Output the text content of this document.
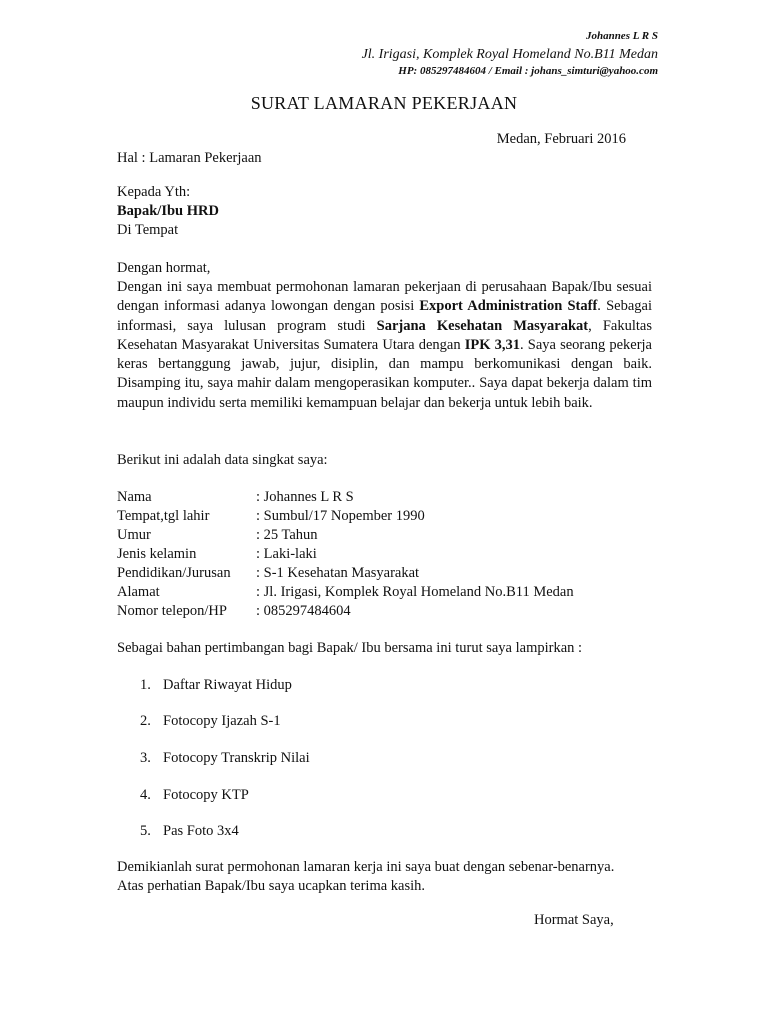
Johannes L R S
Jl. Irigasi, Komplek Royal Homeland No.B11 Medan
HP: 085297484604 / Email : johans_simturi@yahoo.com
SURAT LAMARAN PEKERJAAN
Medan, Februari 2016
Hal : Lamaran Pekerjaan
Kepada Yth:
Bapak/Ibu HRD
Di Tempat
Dengan hormat,
Dengan ini saya membuat permohonan lamaran pekerjaan di perusahaan Bapak/Ibu sesuai dengan informasi adanya lowongan dengan posisi Export Administration Staff. Sebagai informasi, saya lulusan program studi Sarjana Kesehatan Masyarakat, Fakultas Kesehatan Masyarakat Universitas Sumatera Utara dengan IPK 3,31. Saya seorang pekerja keras bertanggung jawab, jujur, disiplin, dan mampu berkomunikasi dengan baik. Disamping itu, saya mahir dalam mengoperasikan komputer.. Saya dapat bekerja dalam tim maupun individu serta memiliki kemampuan belajar dan bekerja untuk lebih baik.
Berikut ini adalah data singkat saya:
Nama	: Johannes L R S
Tempat,tgl lahir	: Sumbul/17 Nopember 1990
Umur	: 25 Tahun
Jenis kelamin	: Laki-laki
Pendidikan/Jurusan : S-1 Kesehatan Masyarakat
Alamat	: Jl. Irigasi, Komplek Royal Homeland No.B11 Medan
Nomor telepon/HP : 085297484604
Sebagai bahan pertimbangan bagi Bapak/ Ibu bersama ini turut saya lampirkan :
1. Daftar Riwayat Hidup
2. Fotocopy Ijazah S-1
3. Fotocopy Transkrip Nilai
4. Fotocopy KTP
5. Pas Foto 3x4
Demikianlah surat permohonan lamaran kerja ini saya buat dengan sebenar-benarnya.
Atas perhatian Bapak/Ibu saya ucapkan terima kasih.
Hormat Saya,
